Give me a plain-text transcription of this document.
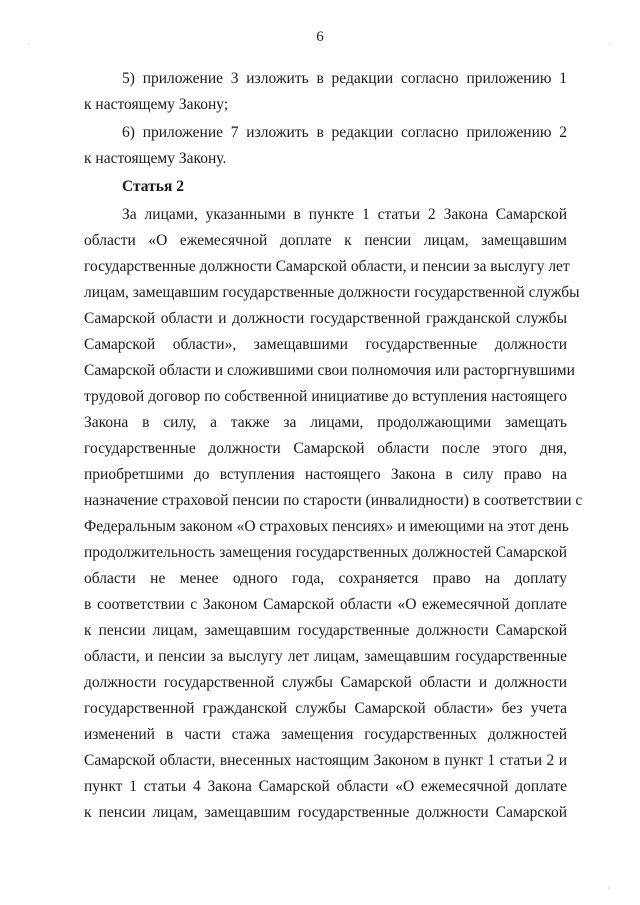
6
·	·
·
5) приложение 3 изложить в редакции согласно приложению 1
к настоящему Закону;
6) приложение 7 изложить в редакции согласно приложению 2
к настоящему Закону.
Статья 2
За лицами, указанными в пункте 1 статьи 2 Закона Самарской
области «О ежемесячной доплате к пенсии лицам, замещавшим
государственные должности Самарской области, и пенсии за выслугу лет
лицам, замещавшим государственные должности государственной службы
Самарской области и должности государственной гражданской службы
Самарской области», замещавшими государственные должности
Самарской области и сложившими свои полномочия или расторгнувшими
трудовой договор по собственной инициативе до вступления настоящего
Закона в силу, а также за лицами, продолжающими замещать
государственные должности Самарской области после этого дня,
приобретшими до вступления настоящего Закона в силу право на
назначение страховой пенсии по старости (инвалидности) в соответствии с
Федеральным законом «О страховых пенсиях» и имеющими на этот день
продолжительность замещения государственных должностей Самарской
области не менее одного года, сохраняется право на доплату
в соответствии с Законом Самарской области «О ежемесячной доплате
к пенсии лицам, замещавшим государственные должности Самарской
области, и пенсии за выслугу лет лицам, замещавшим государственные
должности государственной службы Самарской области и должности
государственной гражданской службы Самарской области» без учета
изменений в части стажа замещения государственных должностей
Самарской области, внесенных настоящим Законом в пункт 1 статьи 2 и
пункт 1 статьи 4 Закона Самарской области «О ежемесячной доплате
к пенсии лицам, замещавшим государственные должности Самарской
